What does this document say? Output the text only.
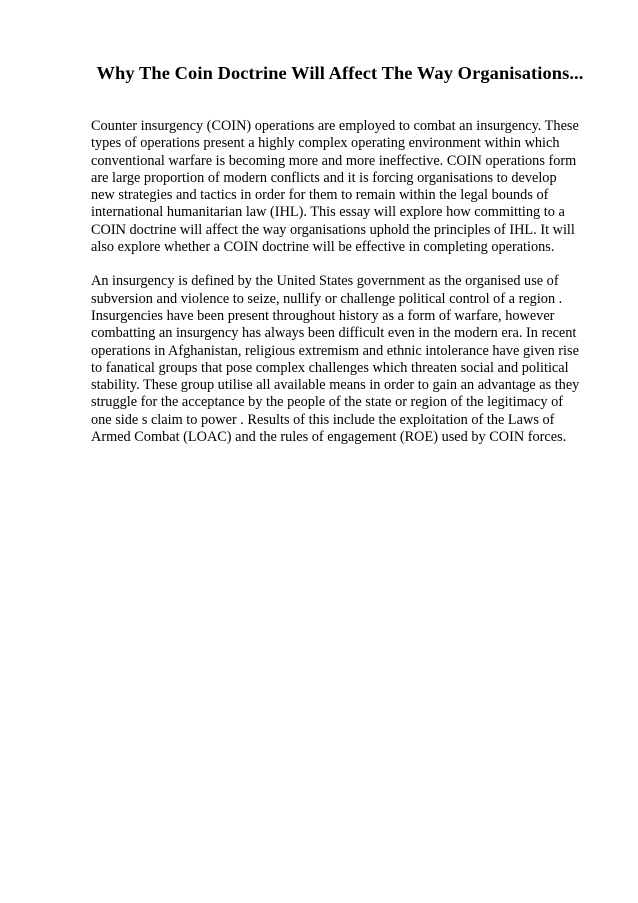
Why The Coin Doctrine Will Affect The Way Organisations...

Counter insurgency (COIN) operations are employed to combat an insurgency. These types of operations present a highly complex operating environment within which conventional warfare is becoming more and more ineffective. COIN operations form are large proportion of modern conflicts and it is forcing organisations to develop new strategies and tactics in order for them to remain within the legal bounds of international humanitarian law (IHL). This essay will explore how committing to a COIN doctrine will affect the way organisations uphold the principles of IHL. It will also explore whether a COIN doctrine will be effective in completing operations.

An insurgency is defined by the United States government as the organised use of subversion and violence to seize, nullify or challenge political control of a region . Insurgencies have been present throughout history as a form of warfare, however combatting an insurgency has always been difficult even in the modern era. In recent operations in Afghanistan, religious extremism and ethnic intolerance have given rise to fanatical groups that pose complex challenges which threaten social and political stability. These group utilise all available means in order to gain an advantage as they struggle for the acceptance by the people of the state or region of the legitimacy of one side s claim to power . Results of this include the exploitation of the Laws of Armed Combat (LOAC) and the rules of engagement (ROE) used by COIN forces.
